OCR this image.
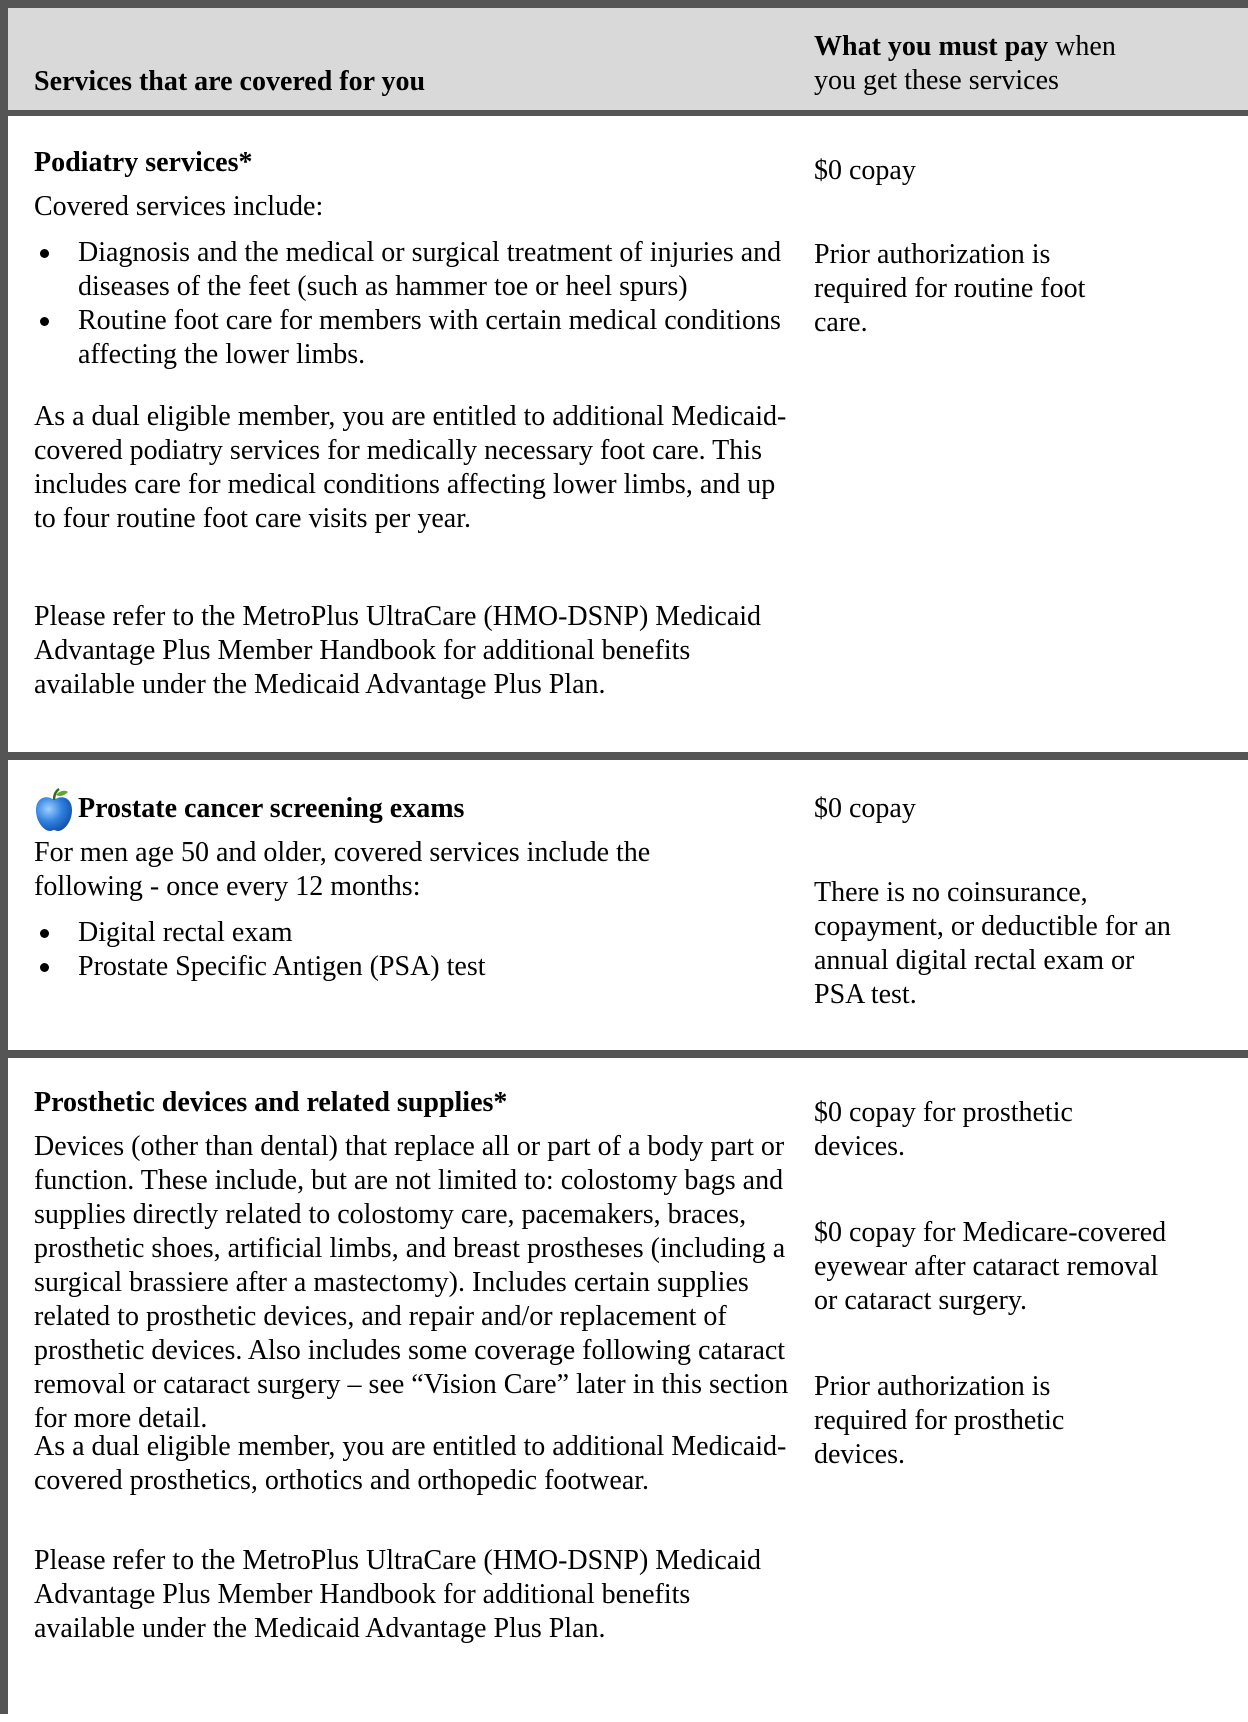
Services that are covered for you
What you must pay when
you get these services

Podiatry services*

Covered services include:

Diagnosis and the medical or surgical treatment of injuries and diseases of the feet (such as hammer toe or heel spurs)
Routine foot care for members with certain medical conditions affecting the lower limbs.

As a dual eligible member, you are entitled to additional Medicaid-covered podiatry services for medically necessary foot care. This includes care for medical conditions affecting lower limbs, and up to four routine foot care visits per year.

Please refer to the MetroPlus UltraCare (HMO-DSNP) Medicaid Advantage Plus Member Handbook for additional benefits available under the Medicaid Advantage Plus Plan.

$0 copay

Prior authorization is required for routine foot care.

Prostate cancer screening exams

For men age 50 and older, covered services include the following - once every 12 months:

Digital rectal exam
Prostate Specific Antigen (PSA) test

$0 copay

There is no coinsurance, copayment, or deductible for an annual digital rectal exam or PSA test.

Prosthetic devices and related supplies*

Devices (other than dental) that replace all or part of a body part or function. These include, but are not limited to: colostomy bags and supplies directly related to colostomy care, pacemakers, braces, prosthetic shoes, artificial limbs, and breast prostheses (including a surgical brassiere after a mastectomy). Includes certain supplies related to prosthetic devices, and repair and/or replacement of prosthetic devices. Also includes some coverage following cataract removal or cataract surgery – see “Vision Care” later in this section for more detail.

As a dual eligible member, you are entitled to additional Medicaid-covered prosthetics, orthotics and orthopedic footwear.

Please refer to the MetroPlus UltraCare (HMO-DSNP) Medicaid Advantage Plus Member Handbook for additional benefits available under the Medicaid Advantage Plus Plan.

$0 copay for prosthetic devices.

$0 copay for Medicare-covered eyewear after cataract removal or cataract surgery.

Prior authorization is required for prosthetic devices.
